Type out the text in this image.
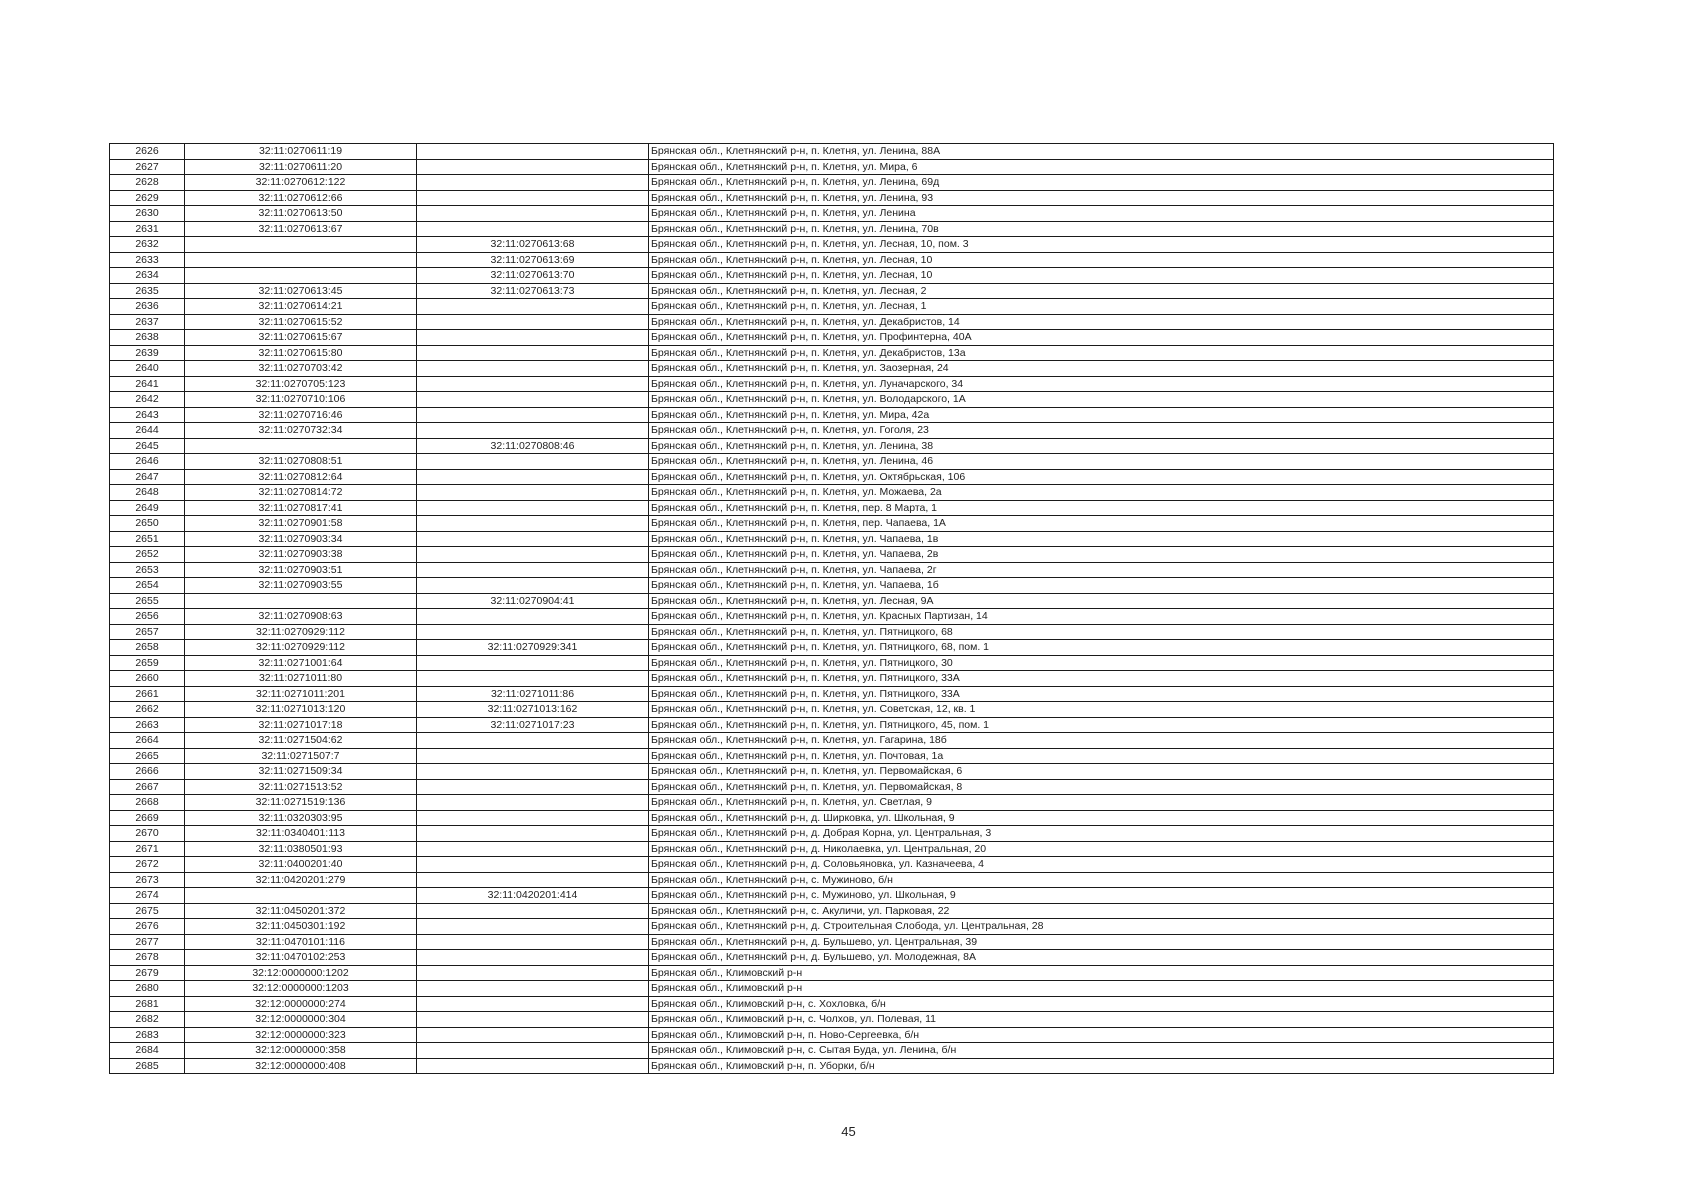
2626	32:11:0270611:19		Брянская обл., Клетнянский р-н, п. Клетня, ул. Ленина, 88А
2627	32:11:0270611:20		Брянская обл., Клетнянский р-н, п. Клетня, ул. Мира, 6
2628	32:11:0270612:122		Брянская обл., Клетнянский р-н, п. Клетня, ул. Ленина, 69д
2629	32:11:0270612:66		Брянская обл., Клетнянский р-н, п. Клетня, ул. Ленина, 93
2630	32:11:0270613:50		Брянская обл., Клетнянский р-н, п. Клетня, ул. Ленина
2631	32:11:0270613:67		Брянская обл., Клетнянский р-н, п. Клетня, ул. Ленина, 70в
2632		32:11:0270613:68	Брянская обл., Клетнянский р-н, п. Клетня, ул. Лесная, 10, пом. 3
2633		32:11:0270613:69	Брянская обл., Клетнянский р-н, п. Клетня, ул. Лесная, 10
2634		32:11:0270613:70	Брянская обл., Клетнянский р-н, п. Клетня, ул. Лесная, 10
2635	32:11:0270613:45	32:11:0270613:73	Брянская обл., Клетнянский р-н, п. Клетня, ул. Лесная, 2
2636	32:11:0270614:21		Брянская обл., Клетнянский р-н, п. Клетня, ул. Лесная, 1
2637	32:11:0270615:52		Брянская обл., Клетнянский р-н, п. Клетня, ул. Декабристов, 14
2638	32:11:0270615:67		Брянская обл., Клетнянский р-н, п. Клетня, ул. Профинтерна, 40А
2639	32:11:0270615:80		Брянская обл., Клетнянский р-н, п. Клетня, ул. Декабристов, 13а
2640	32:11:0270703:42		Брянская обл., Клетнянский р-н, п. Клетня, ул. Заозерная, 24
2641	32:11:0270705:123		Брянская обл., Клетнянский р-н, п. Клетня, ул. Луначарского, 34
2642	32:11:0270710:106		Брянская обл., Клетнянский р-н, п. Клетня, ул. Володарского, 1А
2643	32:11:0270716:46		Брянская обл., Клетнянский р-н, п. Клетня, ул. Мира, 42а
2644	32:11:0270732:34		Брянская обл., Клетнянский р-н, п. Клетня, ул. Гоголя, 23
2645		32:11:0270808:46	Брянская обл., Клетнянский р-н, п. Клетня, ул. Ленина, 38
2646	32:11:0270808:51		Брянская обл., Клетнянский р-н, п. Клетня, ул. Ленина, 46
2647	32:11:0270812:64		Брянская обл., Клетнянский р-н, п. Клетня, ул. Октябрьская, 106
2648	32:11:0270814:72		Брянская обл., Клетнянский р-н, п. Клетня, ул. Можаева, 2а
2649	32:11:0270817:41		Брянская обл., Клетнянский р-н, п. Клетня, пер. 8 Марта, 1
2650	32:11:0270901:58		Брянская обл., Клетнянский р-н, п. Клетня, пер. Чапаева, 1А
2651	32:11:0270903:34		Брянская обл., Клетнянский р-н, п. Клетня, ул. Чапаева, 1в
2652	32:11:0270903:38		Брянская обл., Клетнянский р-н, п. Клетня, ул. Чапаева, 2в
2653	32:11:0270903:51		Брянская обл., Клетнянский р-н, п. Клетня, ул. Чапаева, 2г
2654	32:11:0270903:55		Брянская обл., Клетнянский р-н, п. Клетня, ул. Чапаева, 1б
2655		32:11:0270904:41	Брянская обл., Клетнянский р-н, п. Клетня, ул. Лесная, 9А
2656	32:11:0270908:63		Брянская обл., Клетнянский р-н, п. Клетня, ул. Красных Партизан, 14
2657	32:11:0270929:112		Брянская обл., Клетнянский р-н, п. Клетня, ул. Пятницкого, 68
2658	32:11:0270929:112	32:11:0270929:341	Брянская обл., Клетнянский р-н, п. Клетня, ул. Пятницкого, 68, пом. 1
2659	32:11:0271001:64		Брянская обл., Клетнянский р-н, п. Клетня, ул. Пятницкого, 30
2660	32:11:0271011:80		Брянская обл., Клетнянский р-н, п. Клетня, ул. Пятницкого, 33А
2661	32:11:0271011:201	32:11:0271011:86	Брянская обл., Клетнянский р-н, п. Клетня, ул. Пятницкого, 33А
2662	32:11:0271013:120	32:11:0271013:162	Брянская обл., Клетнянский р-н, п. Клетня, ул. Советская, 12, кв. 1
2663	32:11:0271017:18	32:11:0271017:23	Брянская обл., Клетнянский р-н, п. Клетня, ул. Пятницкого, 45, пом. 1
2664	32:11:0271504:62		Брянская обл., Клетнянский р-н, п. Клетня, ул. Гагарина, 18б
2665	32:11:0271507:7		Брянская обл., Клетнянский р-н, п. Клетня, ул. Почтовая, 1а
2666	32:11:0271509:34		Брянская обл., Клетнянский р-н, п. Клетня, ул. Первомайская, 6
2667	32:11:0271513:52		Брянская обл., Клетнянский р-н, п. Клетня, ул. Первомайская, 8
2668	32:11:0271519:136		Брянская обл., Клетнянский р-н, п. Клетня, ул. Светлая, 9
2669	32:11:0320303:95		Брянская обл., Клетнянский р-н, д. Ширковка, ул. Школьная, 9
2670	32:11:0340401:113		Брянская обл., Клетнянский р-н, д. Добрая Корна, ул. Центральная, 3
2671	32:11:0380501:93		Брянская обл., Клетнянский р-н, д. Николаевка, ул. Центральная, 20
2672	32:11:0400201:40		Брянская обл., Клетнянский р-н, д. Соловьяновка, ул. Казначеева, 4
2673	32:11:0420201:279		Брянская обл., Клетнянский р-н, с. Мужиново, б/н
2674		32:11:0420201:414	Брянская обл., Клетнянский р-н, с. Мужиново, ул. Школьная, 9
2675	32:11:0450201:372		Брянская обл., Клетнянский р-н, с. Акуличи, ул. Парковая, 22
2676	32:11:0450301:192		Брянская обл., Клетнянский р-н, д. Строительная Слобода, ул. Центральная, 28
2677	32:11:0470101:116		Брянская обл., Клетнянский р-н, д. Бульшево, ул. Центральная, 39
2678	32:11:0470102:253		Брянская обл., Клетнянский р-н, д. Бульшево, ул. Молодежная, 8А
2679	32:12:0000000:1202		Брянская обл., Климовский р-н
2680	32:12:0000000:1203		Брянская обл., Климовский р-н
2681	32:12:0000000:274		Брянская обл., Климовский р-н, с. Хохловка, б/н
2682	32:12:0000000:304		Брянская обл., Климовский р-н, с. Чолхов, ул. Полевая, 11
2683	32:12:0000000:323		Брянская обл., Климовский р-н, п. Ново-Сергеевка, б/н
2684	32:12:0000000:358		Брянская обл., Климовский р-н, с. Сытая Буда, ул. Ленина, б/н
2685	32:12:0000000:408		Брянская обл., Климовский р-н, п. Уборки, б/н
45
